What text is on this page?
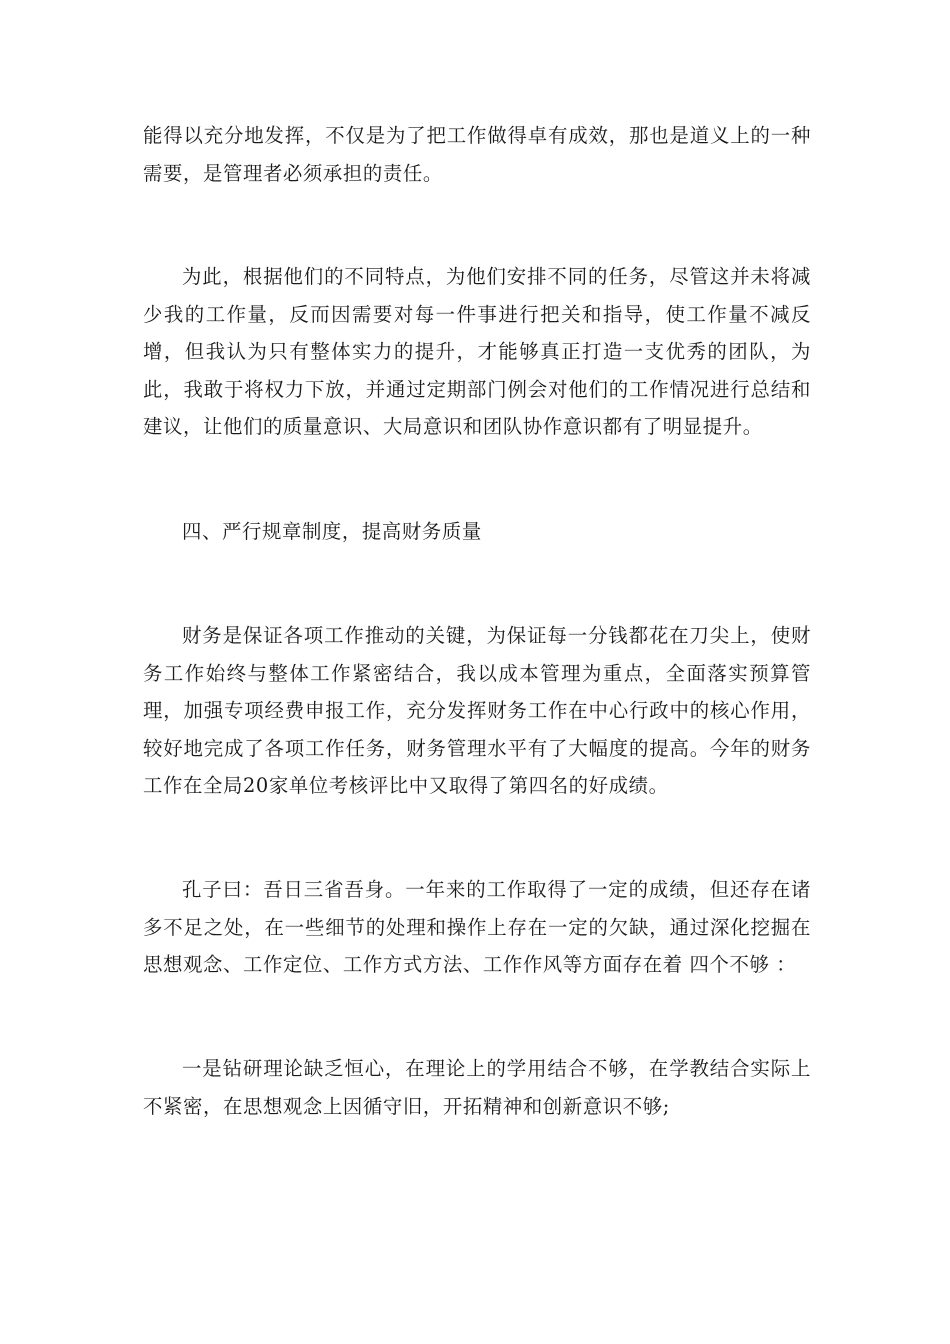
能得以充分地发挥，不仅是为了把工作做得卓有成效，那也是道义上的一种需要，是管理者必须承担的责任。

为此，根据他们的不同特点，为他们安排不同的任务，尽管这并未将减少我的工作量，反而因需要对每一件事进行把关和指导，使工作量不减反增，但我认为只有整体实力的提升，才能够真正打造一支优秀的团队，为此，我敢于将权力下放，并通过定期部门例会对他们的工作情况进行总结和建议，让他们的质量意识、大局意识和团队协作意识都有了明显提升。

四、严行规章制度，提高财务质量

财务是保证各项工作推动的关键，为保证每一分钱都花在刀尖上，使财务工作始终与整体工作紧密结合，我以成本管理为重点，全面落实预算管理，加强专项经费申报工作，充分发挥财务工作在中心行政中的核心作用，较好地完成了各项工作任务，财务管理水平有了大幅度的提高。今年的财务工作在全局20家单位考核评比中又取得了第四名的好成绩。

孔子曰：吾日三省吾身。一年来的工作取得了一定的成绩，但还存在诸多不足之处，在一些细节的处理和操作上存在一定的欠缺，通过深化挖掘在思想观念、工作定位、工作方式方法、工作作风等方面存在着 四个不够 ：

一是钻研理论缺乏恒心，在理论上的学用结合不够，在学教结合实际上不紧密，在思想观念上因循守旧，开拓精神和创新意识不够;
